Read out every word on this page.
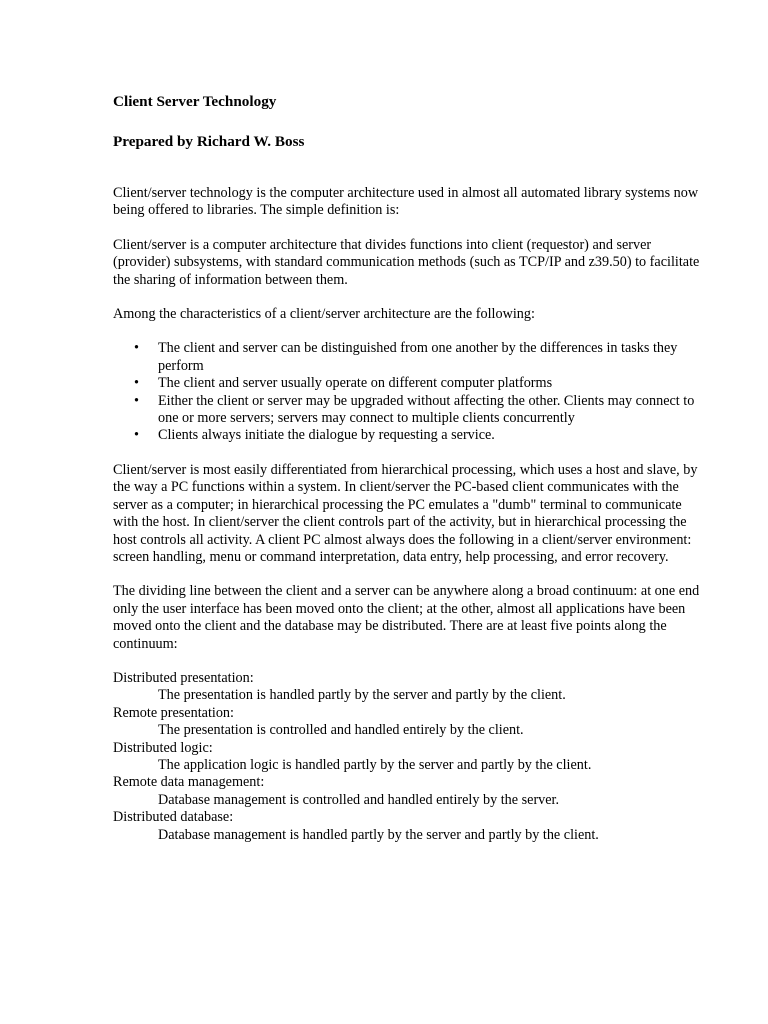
Client Server Technology
Prepared by Richard W. Boss

Client/server technology is the computer architecture used in almost all automated library systems now being offered to libraries. The simple definition is:

Client/server is a computer architecture that divides functions into client (requestor) and server (provider) subsystems, with standard communication methods (such as TCP/IP and z39.50) to facilitate the sharing of information between them.

Among the characteristics of a client/server architecture are the following:

• The client and server can be distinguished from one another by the differences in tasks they perform
• The client and server usually operate on different computer platforms
• Either the client or server may be upgraded without affecting the other. Clients may connect to one or more servers; servers may connect to multiple clients concurrently
• Clients always initiate the dialogue by requesting a service.

Client/server is most easily differentiated from hierarchical processing, which uses a host and slave, by the way a PC functions within a system. In client/server the PC-based client communicates with the server as a computer; in hierarchical processing the PC emulates a "dumb" terminal to communicate with the host. In client/server the client controls part of the activity, but in hierarchical processing the host controls all activity. A client PC almost always does the following in a client/server environment: screen handling, menu or command interpretation, data entry, help processing, and error recovery.

The dividing line between the client and a server can be anywhere along a broad continuum: at one end only the user interface has been moved onto the client; at the other, almost all applications have been moved onto the client and the database may be distributed. There are at least five points along the continuum:

Distributed presentation:
The presentation is handled partly by the server and partly by the client.
Remote presentation:
The presentation is controlled and handled entirely by the client.
Distributed logic:
The application logic is handled partly by the server and partly by the client.
Remote data management:
Database management is controlled and handled entirely by the server.
Distributed database:
Database management is handled partly by the server and partly by the client.
